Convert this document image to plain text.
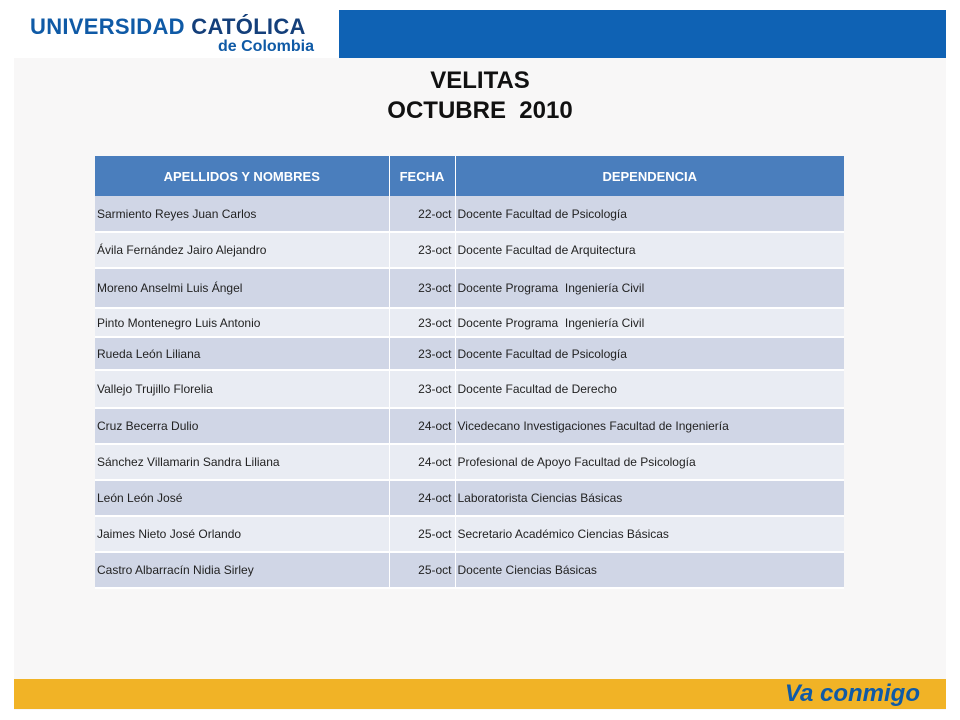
UNIVERSIDAD CATÓLICA
de Colombia
VELITAS
OCTUBRE  2010
APELLIDOS Y NOMBRES	FECHA	DEPENDENCIA
Sarmiento Reyes Juan Carlos	22-oct	Docente Facultad de Psicología
Ávila Fernández Jairo Alejandro	23-oct	Docente Facultad de Arquitectura
Moreno Anselmi Luis Ángel	23-oct	Docente Programa  Ingeniería Civil
Pinto Montenegro Luis Antonio	23-oct	Docente Programa  Ingeniería Civil
Rueda León Liliana	23-oct	Docente Facultad de Psicología
Vallejo Trujillo Florelia	23-oct	Docente Facultad de Derecho
Cruz Becerra Dulio	24-oct	Vicedecano Investigaciones Facultad de Ingeniería
Sánchez Villamarin Sandra Liliana	24-oct	Profesional de Apoyo Facultad de Psicología
León León José	24-oct	Laboratorista Ciencias Básicas
Jaimes Nieto José Orlando	25-oct	Secretario Académico Ciencias Básicas
Castro Albarracín Nidia Sirley	25-oct	Docente Ciencias Básicas
Va conmigo
